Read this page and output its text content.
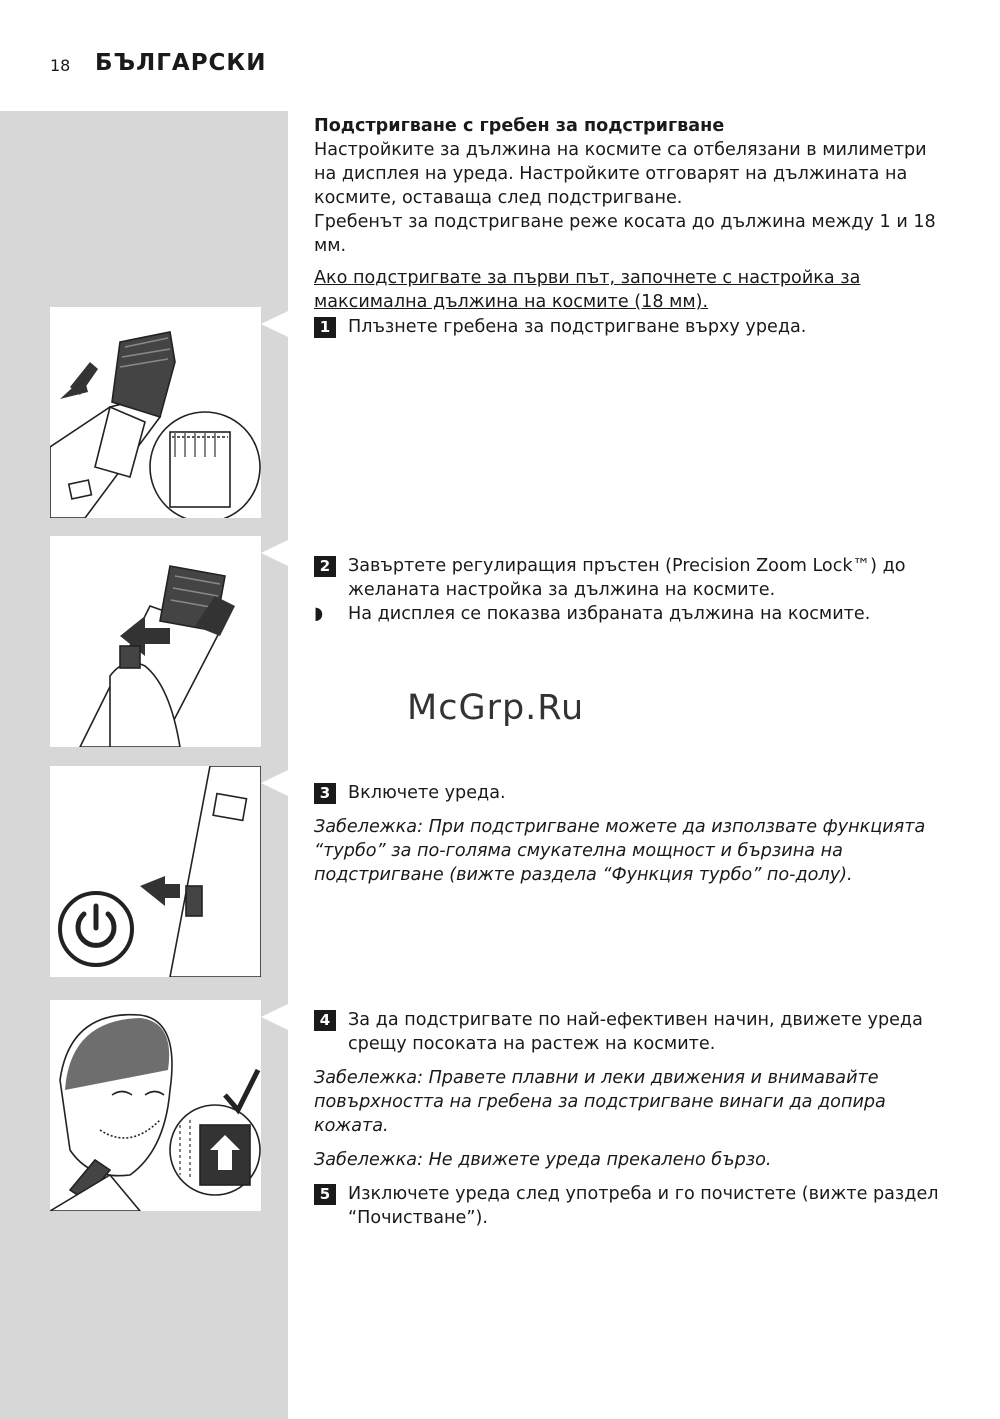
18 БЪЛГАРСКИ

Подстригване с гребен за подстригване

Настройките за дължина на космите са отбелязани в милиметри на дисплея на уреда. Настройките отговарят на дължината на космите, оставаща след подстригване.

Гребенът за подстригване реже косата до дължина между 1 и 18 мм.

Ако подстригвате за първи път, започнете с настройка за максимална дължина на космите (18 мм).

1	Плъзнете гребена за подстригване върху уреда.

2	Завъртете регулиращия пръстен (Precision Zoom Lock™) до желаната настройка за дължина на космите.

◗ На дисплея се показва избраната дължина на космите.

McGrp.Ru

3	Включете уреда.

Забележка: При подстригване можете да използвате функцията “турбо” за по-голяма смукателна мощност и бързина на подстригване (вижте раздела “Функция турбо” по-долу).

4	За да подстригвате по най-ефективен начин, движете уреда срещу посоката на растеж на космите.

Забележка: Правете плавни и леки движения и внимавайте повърхността на гребена за подстригване винаги да допира кожата.

Забележка: Не движете уреда прекалено бързо.

5	Изключете уреда след употреба и го почистете (вижте раздел “Почистване”).
